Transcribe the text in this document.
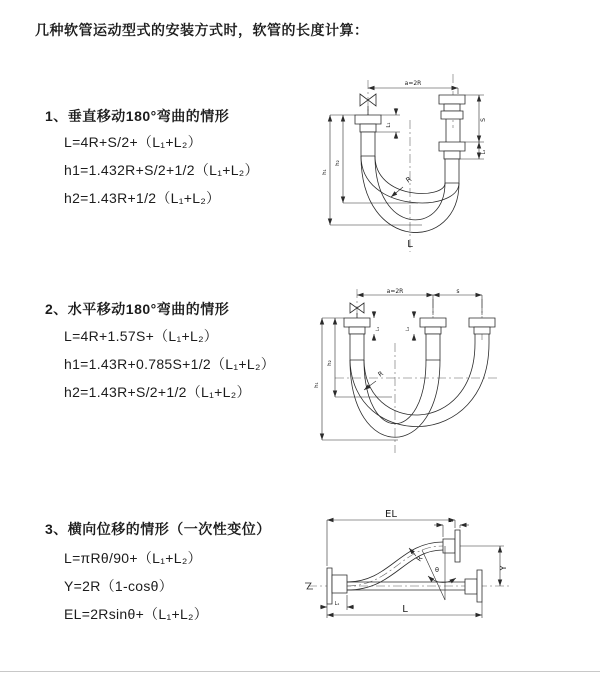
几种软管运动型式的安装方式时，软管的长度计算：
1、垂直移动180°弯曲的情形
L=4R+S/2+（L₁+L₂）
h1=1.432R+S/2+1/2（L₁+L₂）
h2=1.43R+1/2（L₁+L₂）
2、水平移动180°弯曲的情形
L=4R+1.57S+（L₁+L₂）
h1=1.43R+0.785S+1/2（L₁+L₂）
h2=1.43R+S/2+1/2（L₁+L₂）
3、横向位移的情形（一次性变位）
L=πRθ/90+（L₁+L₂）
Y=2R（1-cosθ）
EL=2Rsinθ+（L₁+L₂）
a=2R
L₁
S
L₂
h₁
h₂
R
L
a=2R	s
L₁	L₂
h₁
h₂
R
EL
L₂
Y
R
θ
L₁	L
